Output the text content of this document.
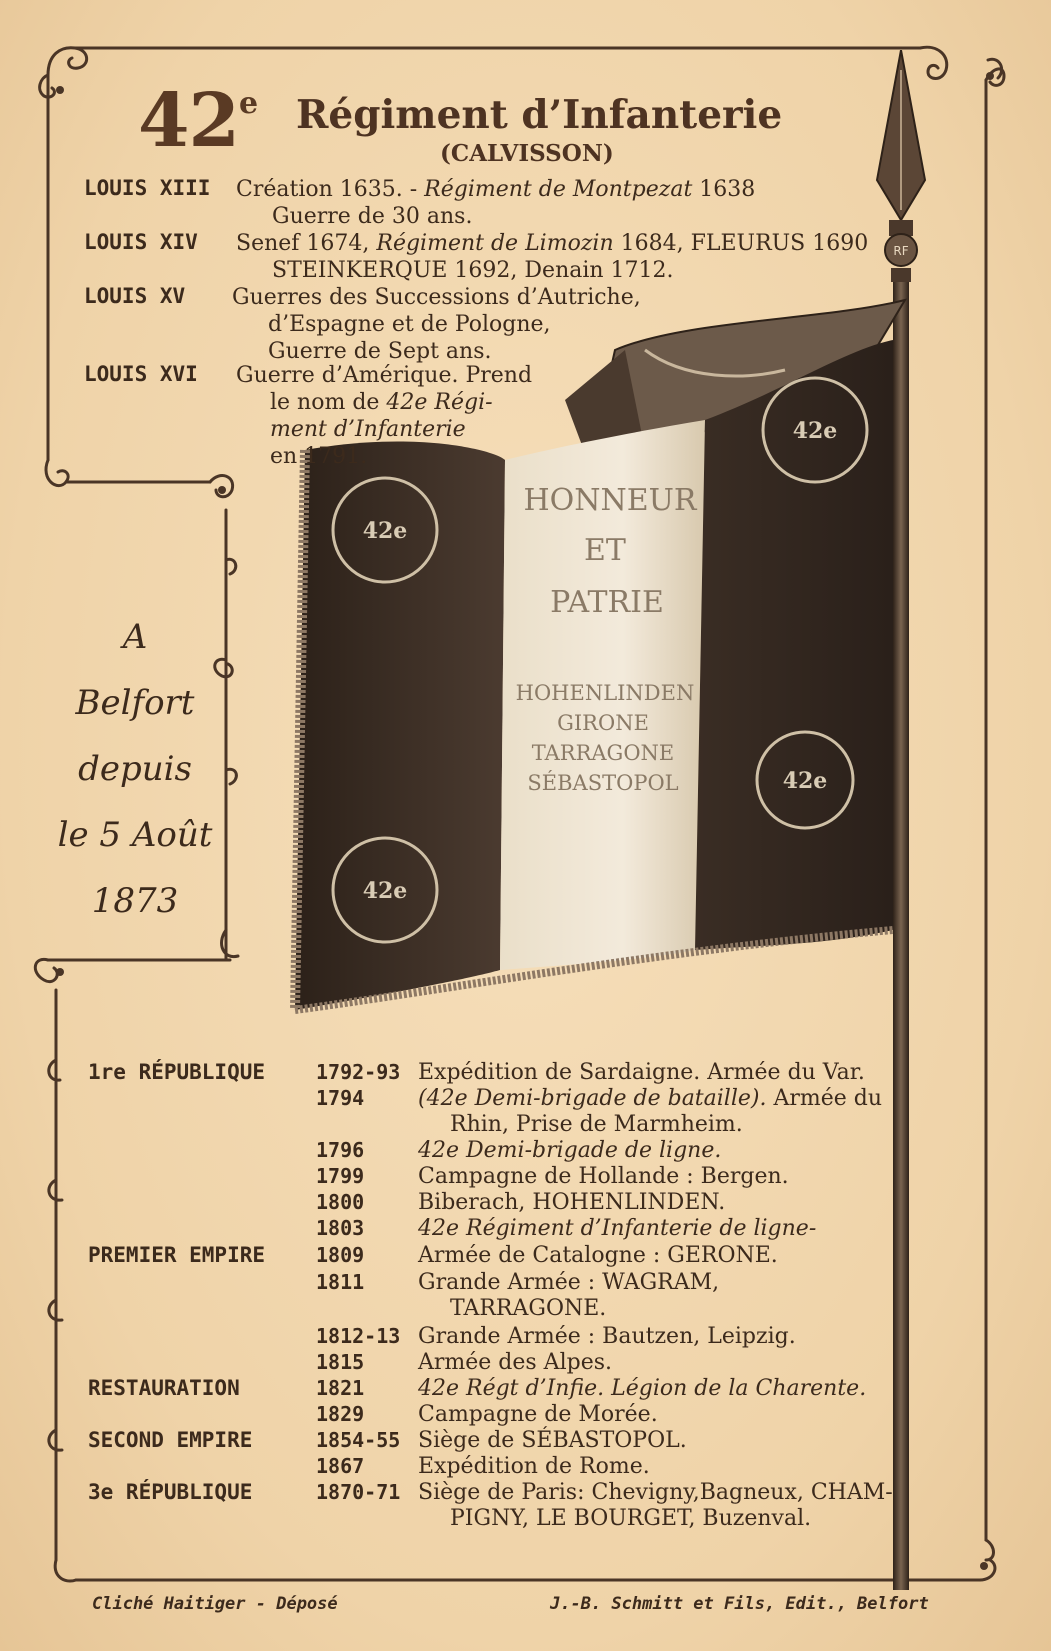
RF
42e
42e
42e
42e
HONNEUR
ET
PATRIE
HOHENLINDEN
GIRONE
TARRAGONE
SÉBASTOPOL
42e Régiment d’Infanterie
(CALVISSON)
LOUIS XIII Création 1635. - Régiment de Montpezat 1638
Guerre de 30 ans.
LOUIS XIV Senef 1674, Régiment de Limozin 1684, FLEURUS 1690
STEINKERQUE 1692, Denain 1712.
LOUIS XV Guerres des Successions d’Autriche,
d’Espagne et de Pologne,
Guerre de Sept ans.
LOUIS XVI Guerre d’Amérique. Prend
le nom de 42e Régi-
ment d’Infanterie
en 1791.
A
Belfort
depuis
le 5 Août
1873
1re RÉPUBLIQUE	1792-93 Expédition de Sardaigne. Armée du Var.
1794 (42e Demi-brigade de bataille). Armée du
Rhin, Prise de Marmheim.
1796 42e Demi-brigade de ligne.
1799 Campagne de Hollande : Bergen.
1800 Biberach, HOHENLINDEN.
1803 42e Régiment d’Infanterie de ligne-
PREMIER EMPIRE	1809 Armée de Catalogne : GERONE.
1811 Grande Armée : WAGRAM,
TARRAGONE.
1812-13 Grande Armée : Bautzen, Leipzig.
1815 Armée des Alpes.
RESTAURATION	1821 42e Régt d’Infie. Légion de la Charente.
1829 Campagne de Morée.
SECOND EMPIRE	1854-55 Siège de SÉBASTOPOL.
1867 Expédition de Rome.
3e RÉPUBLIQUE	1870-71 Siège de Paris: Chevigny,Bagneux, CHAM-
PIGNY, LE BOURGET, Buzenval.
Cliché Haitiger - Déposé	J.-B. Schmitt et Fils, Edit., Belfort
